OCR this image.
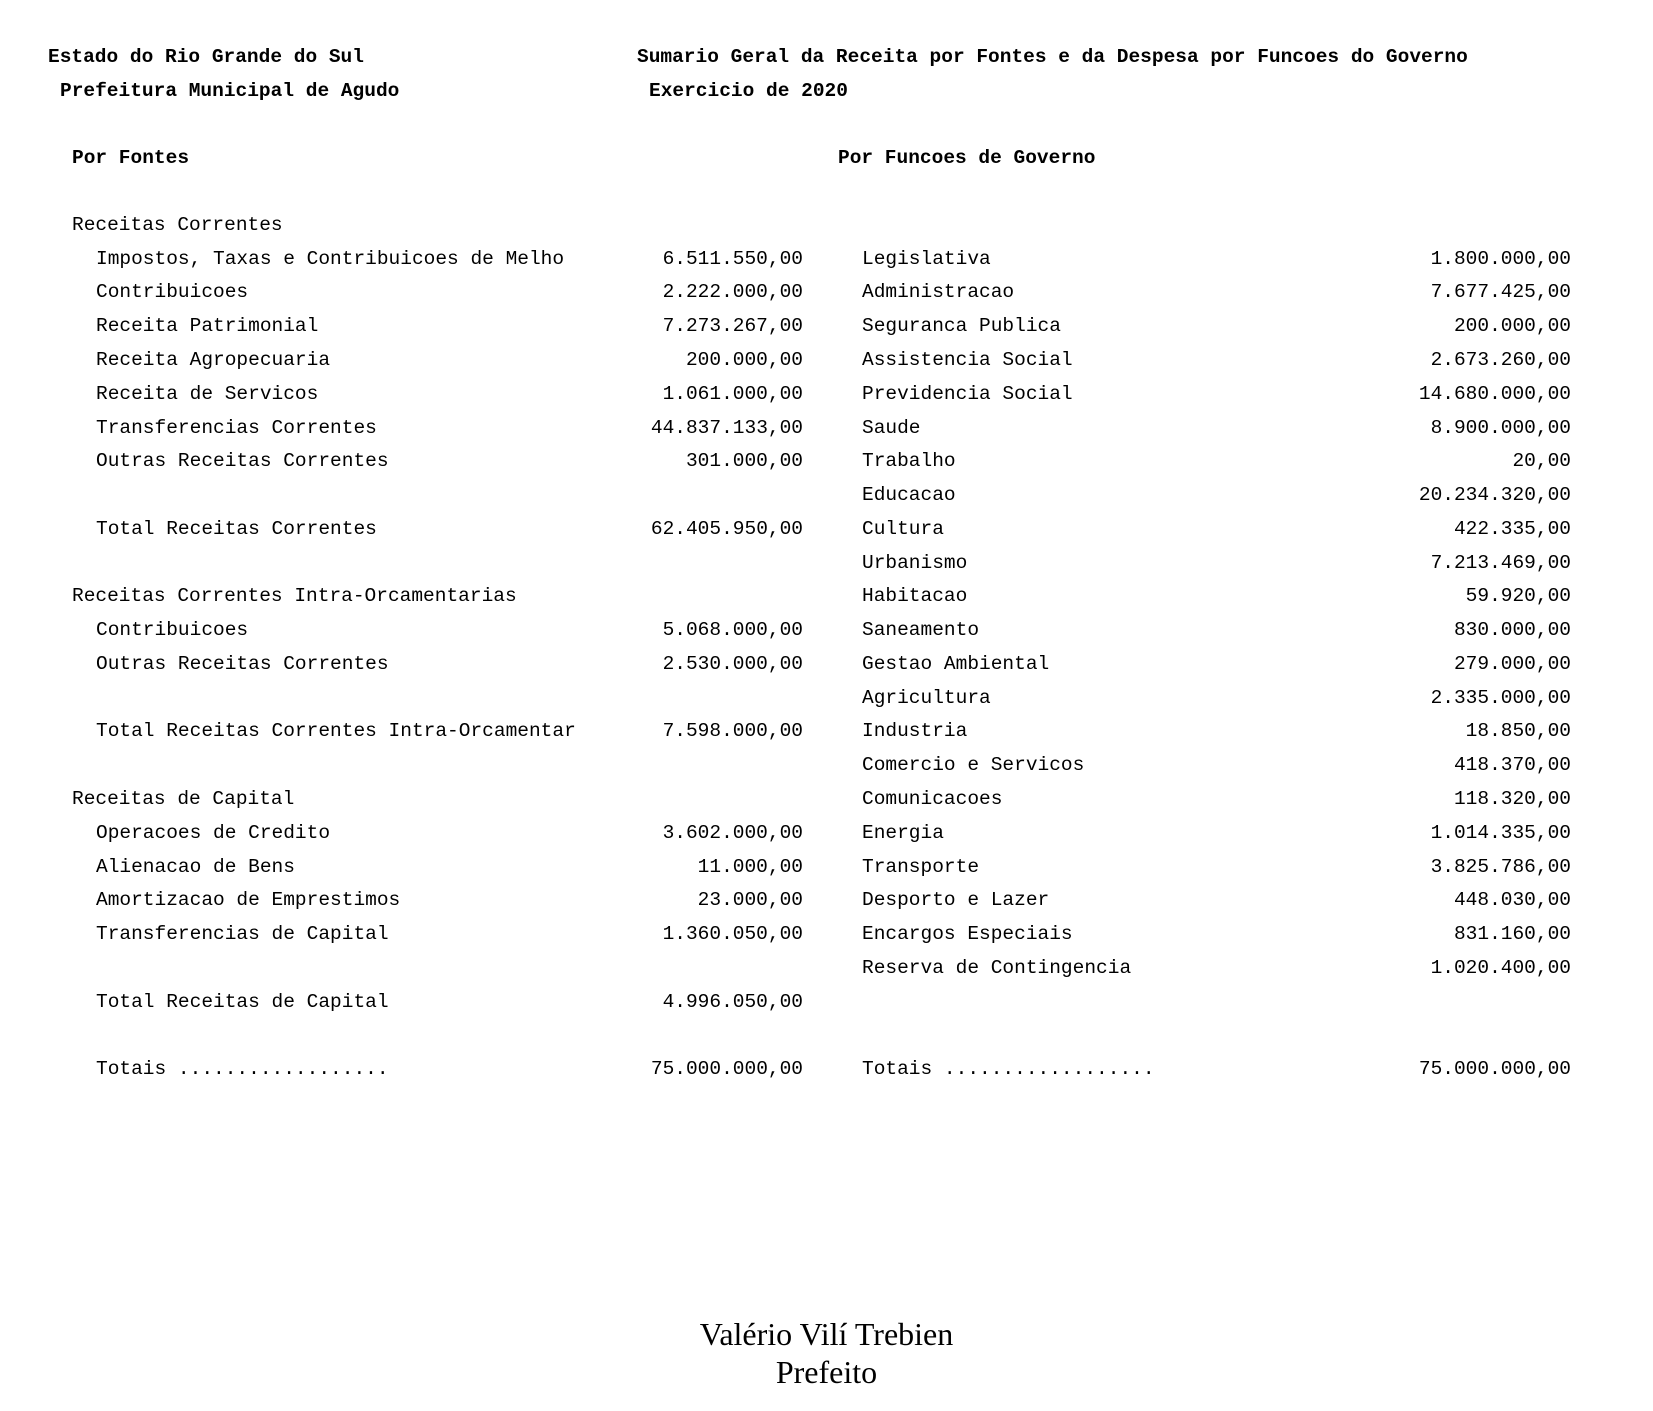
Estado do Rio Grande do Sul
Prefeitura Municipal de Agudo
Sumario Geral da Receita por Fontes e da Despesa por Funcoes do Governo
Exercicio de 2020
Por Fontes	Por Funcoes de Governo
Receitas Correntes
Impostos, Taxas e Contribuicoes de Melho	6.511.550,00
Contribuicoes	2.222.000,00
Receita Patrimonial	7.273.267,00
Receita Agropecuaria	200.000,00
Receita de Servicos	1.061.000,00
Transferencias Correntes	44.837.133,00
Outras Receitas Correntes	301.000,00
Total Receitas Correntes	62.405.950,00
Receitas Correntes Intra-Orcamentarias
Contribuicoes	5.068.000,00
Outras Receitas Correntes	2.530.000,00
Total Receitas Correntes Intra-Orcamentar	7.598.000,00
Receitas de Capital
Operacoes de Credito	3.602.000,00
Alienacao de Bens	11.000,00
Amortizacao de Emprestimos	23.000,00
Transferencias de Capital	1.360.050,00
Total Receitas de Capital	4.996.050,00
Totais ..................	75.000.000,00
Legislativa	1.800.000,00
Administracao	7.677.425,00
Seguranca Publica	200.000,00
Assistencia Social	2.673.260,00
Previdencia Social	14.680.000,00
Saude	8.900.000,00
Trabalho	20,00
Educacao	20.234.320,00
Cultura	422.335,00
Urbanismo	7.213.469,00
Habitacao	59.920,00
Saneamento	830.000,00
Gestao Ambiental	279.000,00
Agricultura	2.335.000,00
Industria	18.850,00
Comercio e Servicos	418.370,00
Comunicacoes	118.320,00
Energia	1.014.335,00
Transporte	3.825.786,00
Desporto e Lazer	448.030,00
Encargos Especiais	831.160,00
Reserva de Contingencia	1.020.400,00
Totais ..................	75.000.000,00
Valério Vilí Trebien
Prefeito
